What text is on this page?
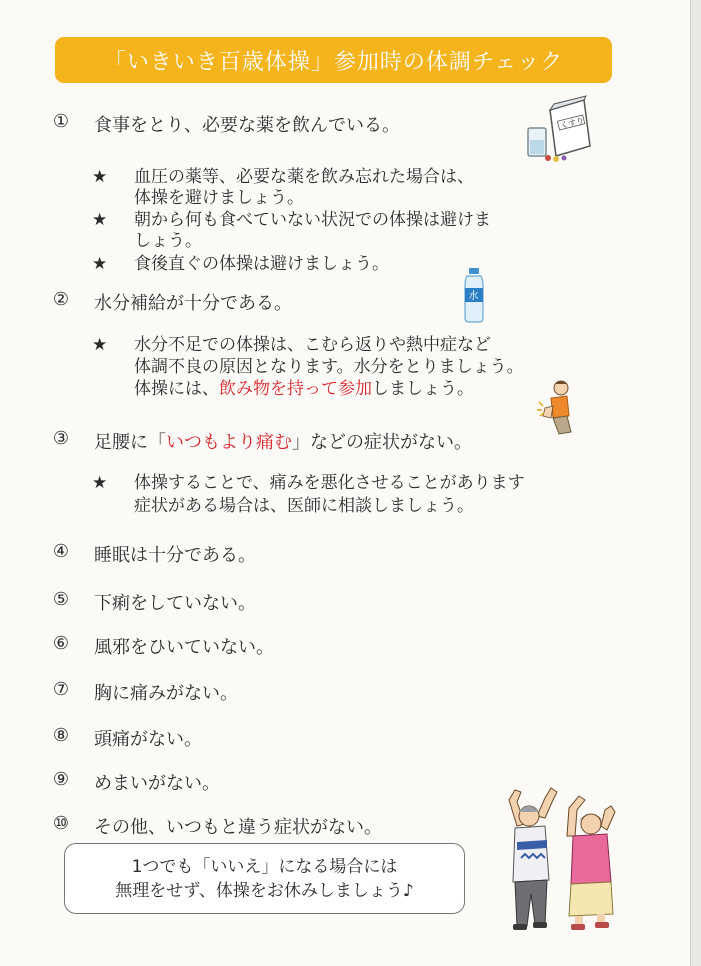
「いきいき百歳体操」参加時の体調チェック
①	食事をとり、必要な薬を飲んでいる。
★	血圧の薬等、必要な薬を飲み忘れた場合は、
体操を避けましょう。
★	朝から何も食べていない状況での体操は避けま
しょう。
★	食後直ぐの体操は避けましょう。
くすり
②	水分補給が十分である。	水
★	水分不足での体操は、こむら返りや熱中症など
体調不良の原因となります。水分をとりましょう。
体操には、飲み物を持って参加しましょう。
③	足腰に「いつもより痛む」などの症状がない。
★	体操することで、痛みを悪化させることがあります
症状がある場合は、医師に相談しましょう。
④	睡眠は十分である。
⑤	下痢をしていない。
⑥	風邪をひいていない。
⑦	胸に痛みがない。
⑧	頭痛がない。
⑨	めまいがない。
⑩	その他、いつもと違う症状がない。
1つでも「いいえ」になる場合には
無理をせず、体操をお休みしましょう♪
